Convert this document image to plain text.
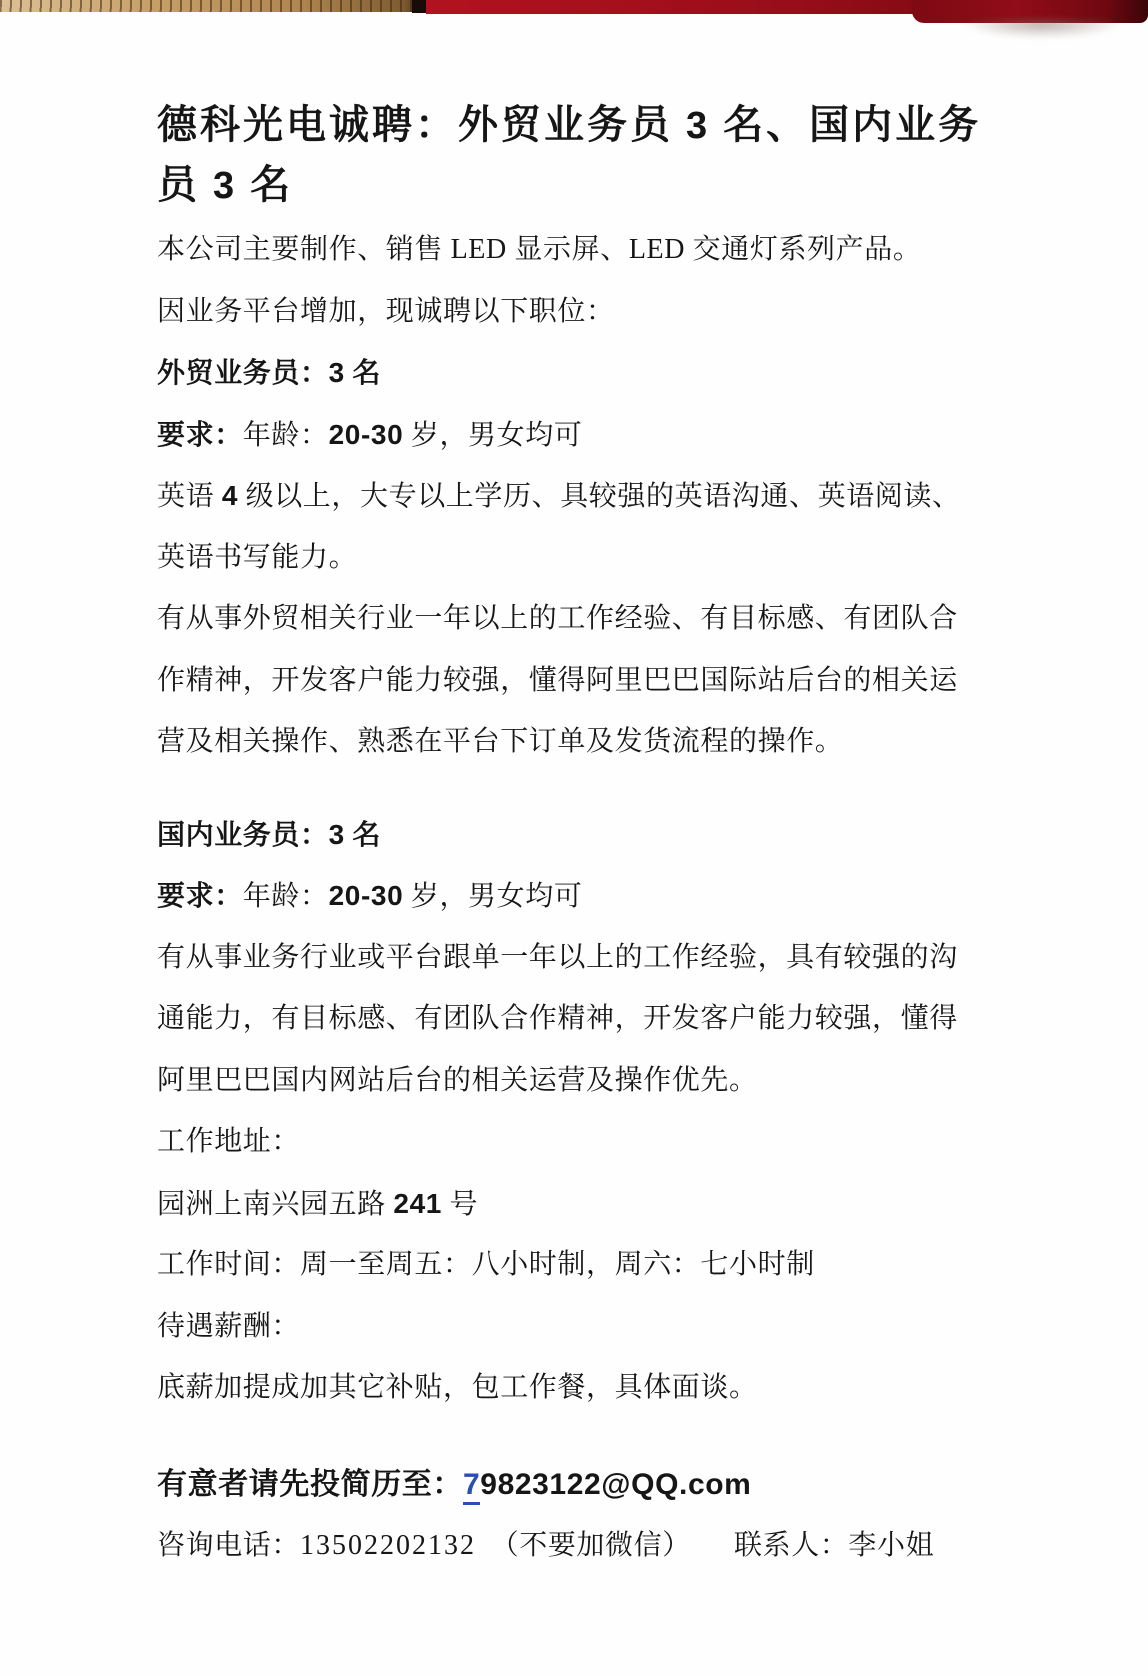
德科光电诚聘：外贸业务员 3 名、国内业务
员 3 名
本公司主要制作、销售 LED 显示屏、LED 交通灯系列产品。
因业务平台增加，现诚聘以下职位：
外贸业务员：3 名
要求：年龄：20-30 岁，男女均可
英语 4 级以上，大专以上学历、具较强的英语沟通、英语阅读、
英语书写能力。
有从事外贸相关行业一年以上的工作经验、有目标感、有团队合
作精神，开发客户能力较强，懂得阿里巴巴国际站后台的相关运
营及相关操作、熟悉在平台下订单及发货流程的操作。
国内业务员：3 名
要求：年龄：20-30 岁，男女均可
有从事业务行业或平台跟单一年以上的工作经验，具有较强的沟
通能力，有目标感、有团队合作精神，开发客户能力较强，懂得
阿里巴巴国内网站后台的相关运营及操作优先。
工作地址：
园洲上南兴园五路 241 号
工作时间：周一至周五：八小时制，周六：七小时制
待遇薪酬：
底薪加提成加其它补贴，包工作餐，具体面谈。
有意者请先投简历至：79823122@QQ.com
咨询电话：13502202132　（不要加微信）　　联系人：李小姐
